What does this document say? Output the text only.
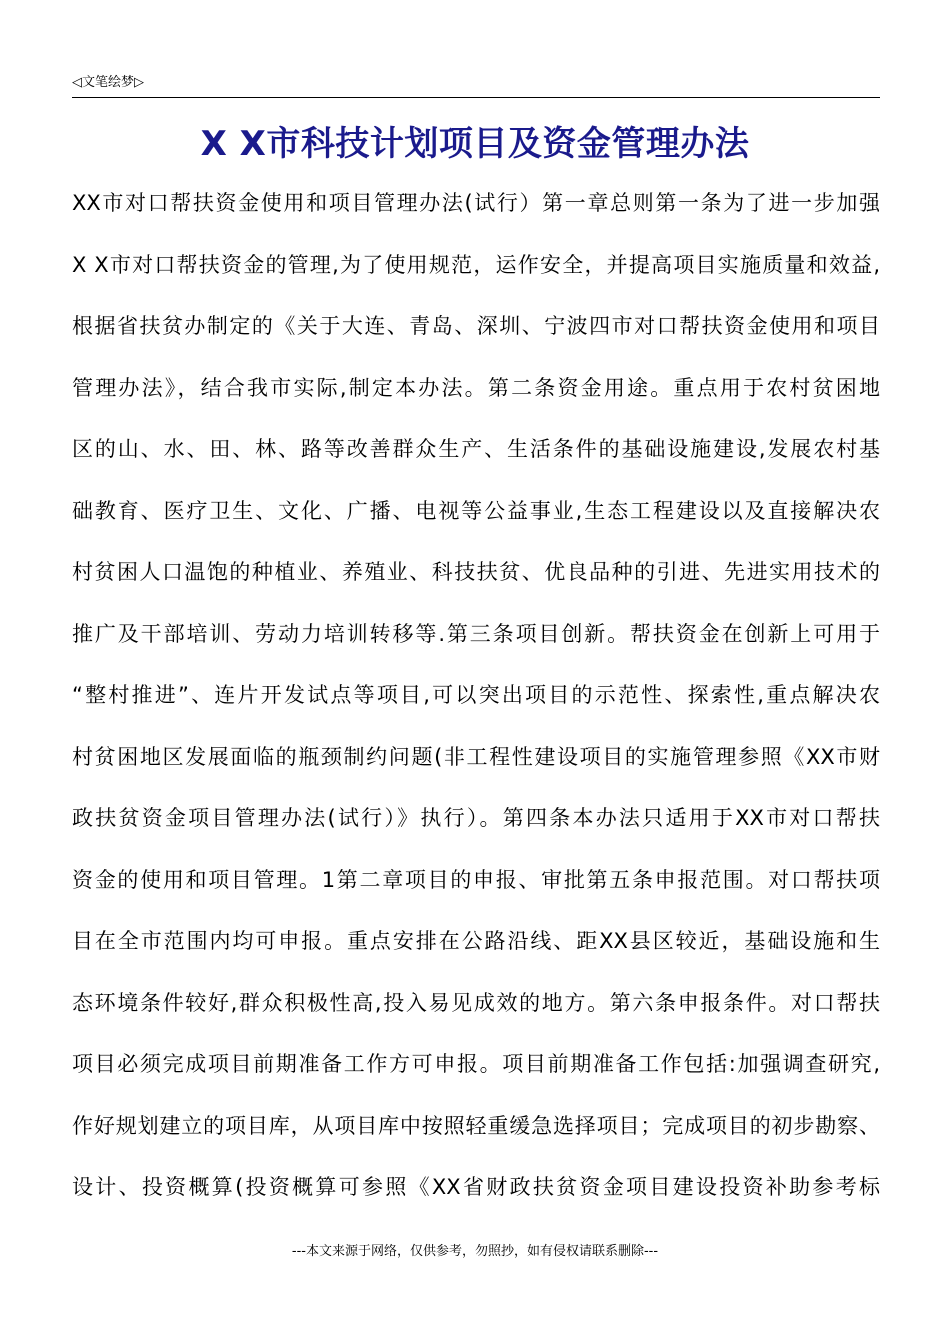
◁文笔绘梦▷
X X市科技计划项目及资金管理办法
XX市对口帮扶资金使用和项目管理办法(试行）第一章总则第一条为了进一步加强
X X市对口帮扶资金的管理,为了使用规范，运作安全，并提高项目实施质量和效益,
根据省扶贫办制定的《关于大连、青岛、深圳、宁波四市对口帮扶资金使用和项目
管理办法》，结合我市实际,制定本办法。第二条资金用途。重点用于农村贫困地
区的山、水、田、林、路等改善群众生产、生活条件的基础设施建设,发展农村基
础教育、医疗卫生、文化、广播、电视等公益事业,生态工程建设以及直接解决农
村贫困人口温饱的种植业、养殖业、科技扶贫、优良品种的引进、先进实用技术的
推广及干部培训、劳动力培训转移等.第三条项目创新。帮扶资金在创新上可用于
“整村推进”、连片开发试点等项目,可以突出项目的示范性、探索性,重点解决农
村贫困地区发展面临的瓶颈制约问题(非工程性建设项目的实施管理参照《XX市财
政扶贫资金项目管理办法(试行）》执行）。第四条本办法只适用于XX市对口帮扶
资金的使用和项目管理。1第二章项目的申报、审批第五条申报范围。对口帮扶项
目在全市范围内均可申报。重点安排在公路沿线、距XX县区较近，基础设施和生
态环境条件较好,群众积极性高,投入易见成效的地方。第六条申报条件。对口帮扶
项目必须完成项目前期准备工作方可申报。项目前期准备工作包括:加强调查研究,
作好规划建立的项目库，从项目库中按照轻重缓急选择项目；完成项目的初步勘察、
设计、投资概算(投资概算可参照《XX省财政扶贫资金项目建设投资补助参考标
---本文来源于网络，仅供参考，勿照抄，如有侵权请联系删除---
